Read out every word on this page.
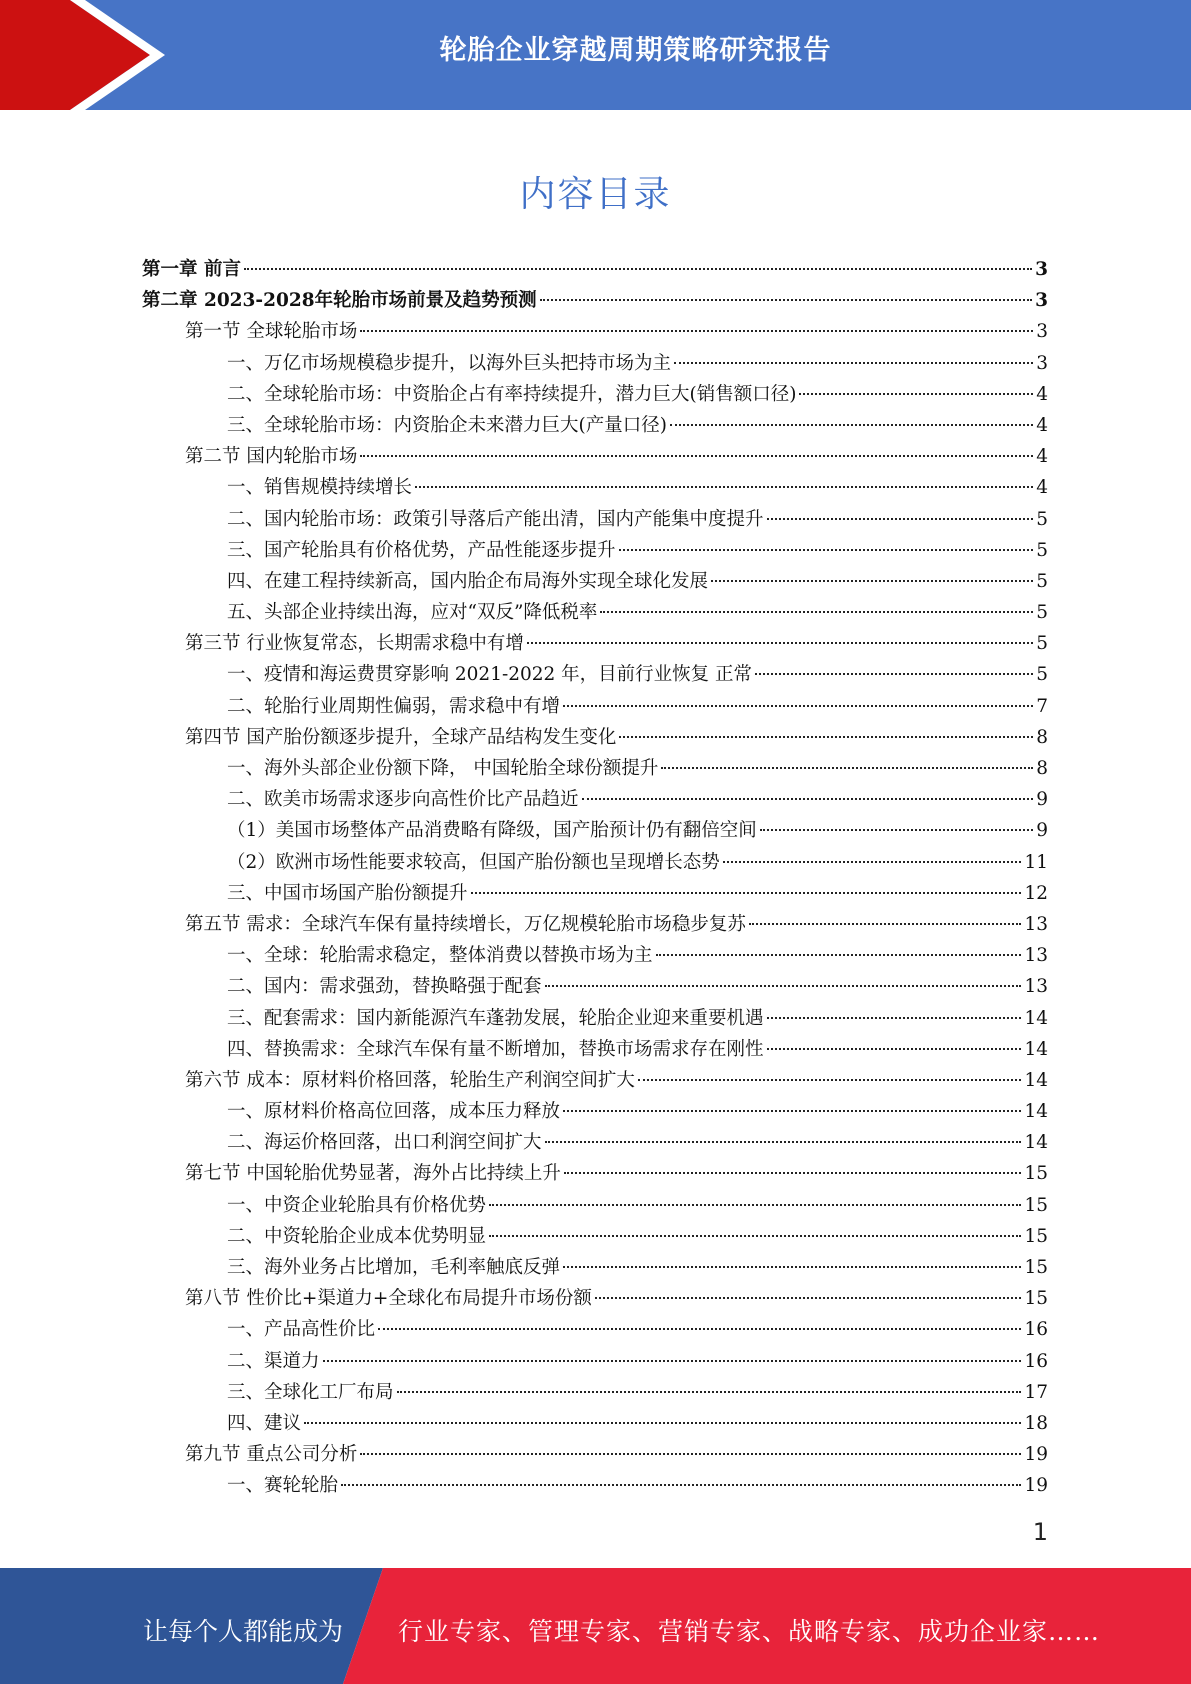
轮胎企业穿越周期策略研究报告
内容目录
第一章 前言	3
第二章 2023-2028年轮胎市场前景及趋势预测	3
第一节 全球轮胎市场	3
一、万亿市场规模稳步提升，以海外巨头把持市场为主	3
二、全球轮胎市场：中资胎企占有率持续提升，潜力巨大(销售额口径)	4
三、全球轮胎市场：内资胎企未来潜力巨大(产量口径)	4
第二节 国内轮胎市场	4
一、销售规模持续增长	4
二、国内轮胎市场：政策引导落后产能出清，国内产能集中度提升	5
三、国产轮胎具有价格优势，产品性能逐步提升	5
四、在建工程持续新高，国内胎企布局海外实现全球化发展	5
五、头部企业持续出海，应对“双反”降低税率	5
第三节 行业恢复常态，长期需求稳中有增	5
一、疫情和海运费贯穿影响 2021-2022 年，目前行业恢复 正常	5
二、轮胎行业周期性偏弱，需求稳中有增	7
第四节 国产胎份额逐步提升，全球产品结构发生变化	8
一、海外头部企业份额下降， 中国轮胎全球份额提升	8
二、欧美市场需求逐步向高性价比产品趋近	9
（1）美国市场整体产品消费略有降级，国产胎预计仍有翻倍空间	9
（2）欧洲市场性能要求较高，但国产胎份额也呈现增长态势	11
三、中国市场国产胎份额提升	12
第五节 需求：全球汽车保有量持续增长，万亿规模轮胎市场稳步复苏	13
一、全球：轮胎需求稳定，整体消费以替换市场为主	13
二、国内：需求强劲，替换略强于配套	13
三、配套需求：国内新能源汽车蓬勃发展，轮胎企业迎来重要机遇	14
四、替换需求：全球汽车保有量不断增加，替换市场需求存在刚性	14
第六节 成本：原材料价格回落，轮胎生产利润空间扩大	14
一、原材料价格高位回落，成本压力释放	14
二、海运价格回落，出口利润空间扩大	14
第七节 中国轮胎优势显著，海外占比持续上升	15
一、中资企业轮胎具有价格优势	15
二、中资轮胎企业成本优势明显	15
三、海外业务占比增加，毛利率触底反弹	15
第八节 性价比+渠道力+全球化布局提升市场份额	15
一、产品高性价比	16
二、渠道力	16
三、全球化工厂布局	17
四、建议	18
第九节 重点公司分析	19
一、赛轮轮胎	19
1
让每个人都能成为 行业专家、管理专家、营销专家、战略专家、成功企业家……
